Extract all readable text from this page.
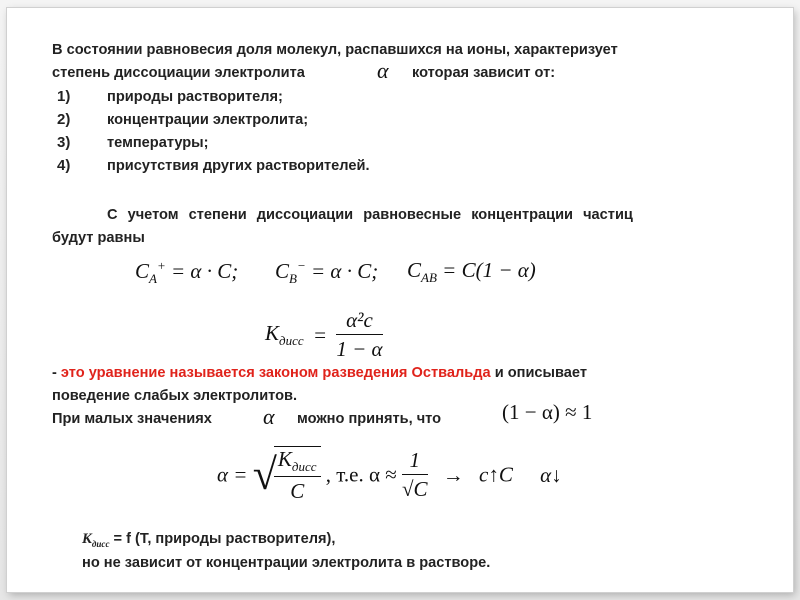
В состоянии равновесия доля молекул, распавшихся на ионы, характеризует
степень диссоциации электролита	α которая зависит от:
1)	природы растворителя;
2)	концентрации электролита;
3)	температуры;
4)	присутствия других растворителей.
С учетом степени диссоциации равновесные концентрации частиц
будут равны
$C_A^+ = \alpha \cdot C$; $C_B^- = \alpha \cdot C$; $C_{AB} = C(1 - \alpha)$
$K_{дисс} = \frac{\text{α²c}}{1 - \alpha}$
- это уравнение называется законом разведения Оствальда и описывает
поведение слабых электролитов.
При малых значениях α можно принять, что	(1 − α) ≈ 1
α = √
$\frac{K_{дисс}}{C}$ , т.е. $\alpha \approx \frac{1}{√C}$ → c↑C α↓
$К_{дисс} = f$ (Т, природы растворителя),
но не зависит от концентрации электролита в растворе.
